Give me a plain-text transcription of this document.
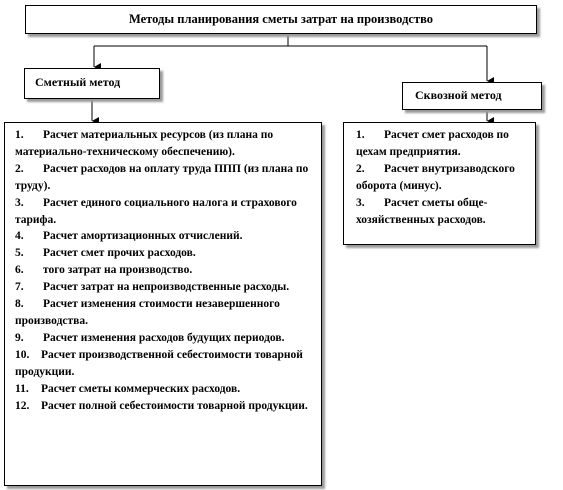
Методы планирования сметы затрат на производство
Сметный метод
Сквозной метод
1. Расчет материальных ресурсов (из плана по материально-техническому обеспечению).
2. Расчет расходов на оплату труда ППП (из плана по труду).
3. Расчет единого социального налога и страхового тарифа.
4. Расчет амортизационных отчислений.
5. Расчет смет прочих расходов.
6. того затрат на производство.
7. Расчет затрат на непроизводственные расходы.
8. Расчет изменения стоимости незавершенного производства.
9. Расчет изменения расходов будущих периодов.
10. Расчет производственной себестоимости товарной продукции.
11. Расчет сметы коммерческих расходов.
12. Расчет полной себестоимости товарной продукции.
1. Расчет смет расходов по цехам предприятия.
2. Расчет внутризаводского оборота (минус).
3. Расчет сметы обще-хозяйственных расходов.
